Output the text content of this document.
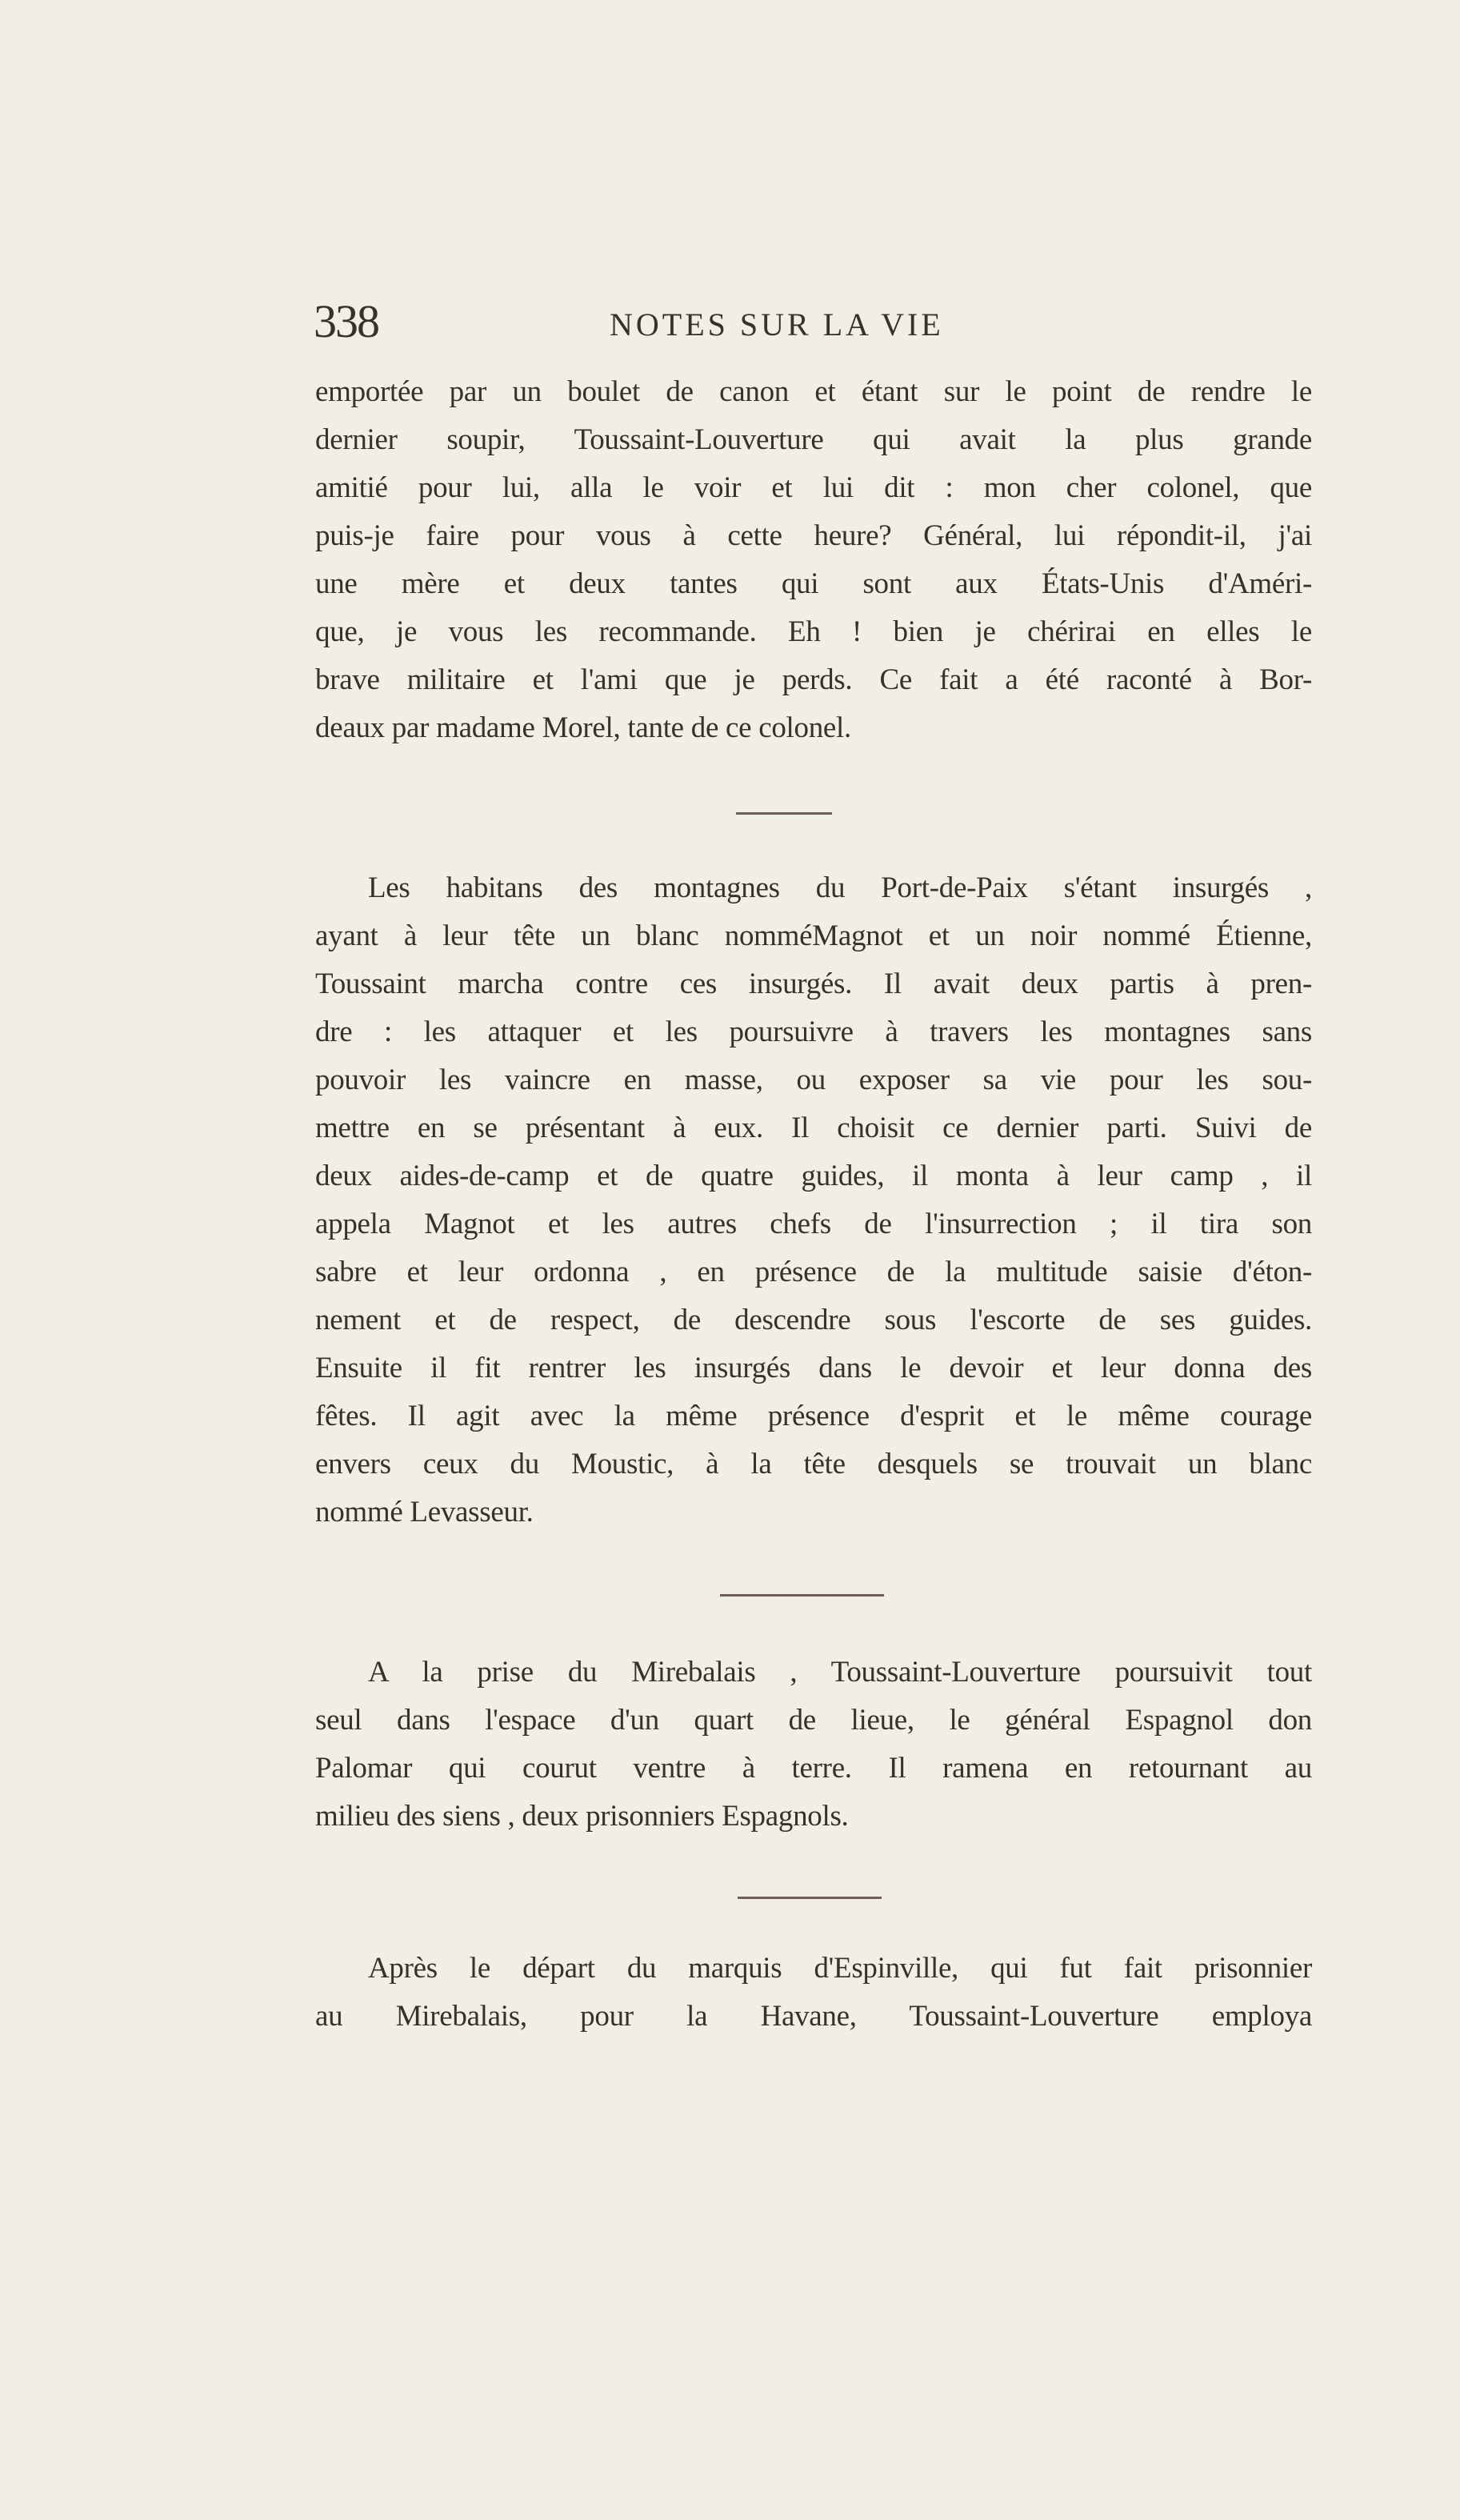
338	NOTES SUR LA VIE
emportée par un boulet de canon et étant sur le point de rendre le
dernier soupir, Toussaint-Louverture qui avait la plus grande
amitié pour lui, alla le voir et lui dit : mon cher colonel, que
puis-je faire pour vous à cette heure? Général, lui répondit-il, j'ai
une mère et deux tantes qui sont aux États-Unis d'Améri-
que, je vous les recommande. Eh ! bien je chérirai en elles le
brave militaire et l'ami que je perds. Ce fait a été raconté à Bor-
deaux par madame Morel, tante de ce colonel.
Les habitans des montagnes du Port-de-Paix s'étant insurgés ,
ayant à leur tête un blanc nomméMagnot et un noir nommé Étienne,
Toussaint marcha contre ces insurgés. Il avait deux partis à pren-
dre : les attaquer et les poursuivre à travers les montagnes sans
pouvoir les vaincre en masse, ou exposer sa vie pour les sou-
mettre en se présentant à eux. Il choisit ce dernier parti. Suivi de
deux aides-de-camp et de quatre guides, il monta à leur camp , il
appela Magnot et les autres chefs de l'insurrection ; il tira son
sabre et leur ordonna , en présence de la multitude saisie d'éton-
nement et de respect, de descendre sous l'escorte de ses guides.
Ensuite il fit rentrer les insurgés dans le devoir et leur donna des
fêtes. Il agit avec la même présence d'esprit et le même courage
envers ceux du Moustic, à la tête desquels se trouvait un blanc
nommé Levasseur.
A la prise du Mirebalais , Toussaint-Louverture poursuivit tout
seul dans l'espace d'un quart de lieue, le général Espagnol don
Palomar qui courut ventre à terre. Il ramena en retournant au
milieu des siens , deux prisonniers Espagnols.
Après le départ du marquis d'Espinville, qui fut fait prisonnier
au Mirebalais, pour la Havane, Toussaint-Louverture employa
